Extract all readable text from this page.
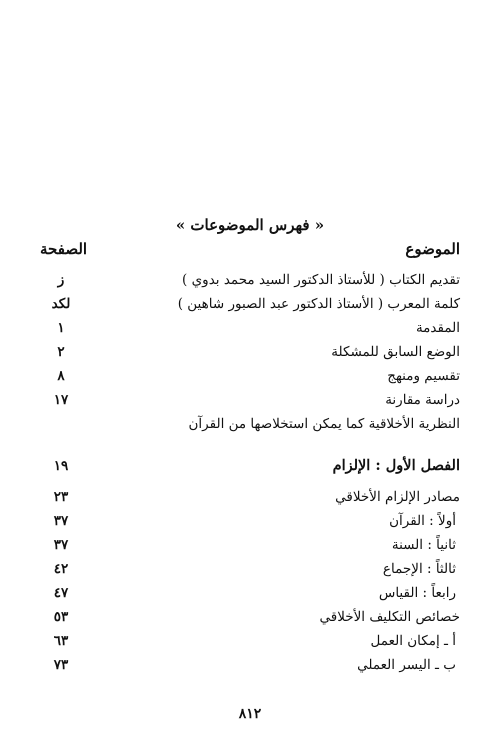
« فهرس الموضوعات »
الموضوع
الصفحة
تقديم الكتاب ( للأستاذ الدكتور السيد محمد بدوي )
ز
كلمة المعرب ( الأستاذ الدكتور عبد الصبور شاهين )
لكد
المقدمة
١
الوضع السابق للمشكلة
٢
تقسيم ومنهج
٨
دراسة مقارنة
١٧
النظرية الأخلاقية كما يمكن استخلاصها من القرآن
الفصل الأول : الإلزام
١٩
مصادر الإلزام الأخلاقي
٢٣
أولاً : القرآن
٣٧
ثانياً : السنة
٣٧
ثالثاً : الإجماع
٤٢
رابعاً : القياس
٤٧
خصائص التكليف الأخلاقي
٥٣
أ ـ إمكان العمل
٦٣
ب ـ اليسر العملي
٧٣
٨١٢
